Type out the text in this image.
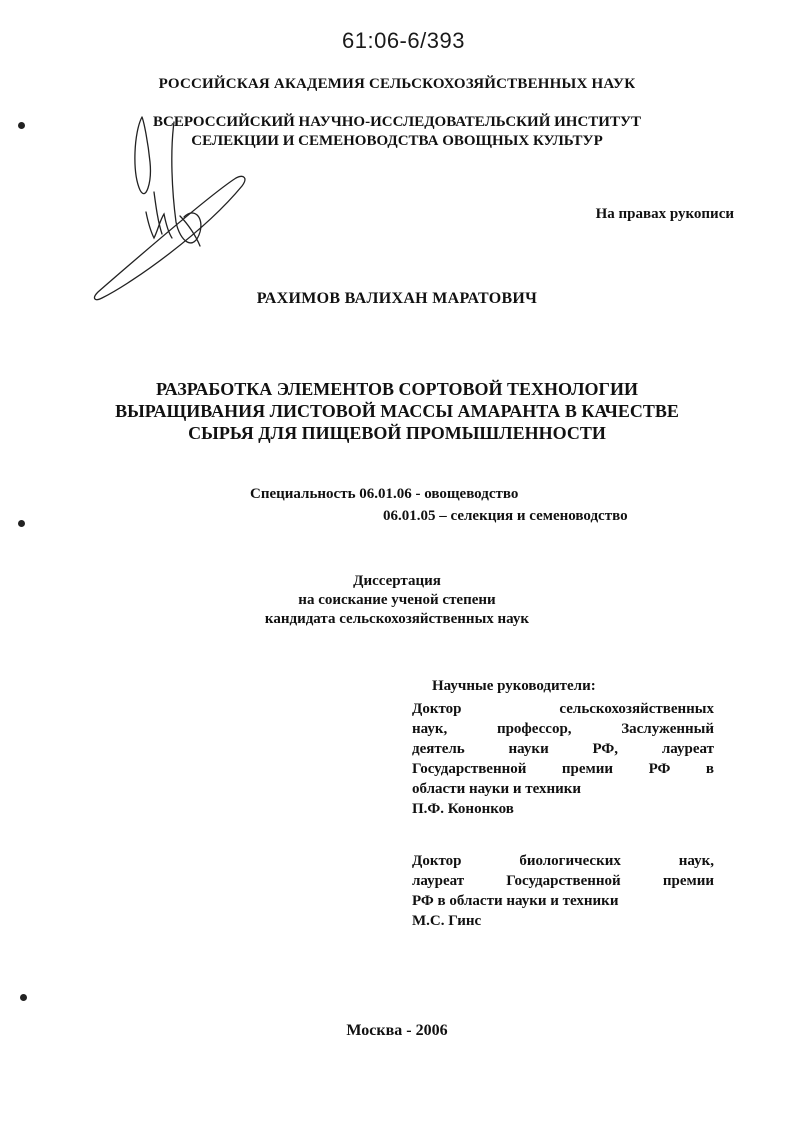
61:06-6/393
РОССИЙСКАЯ АКАДЕМИЯ СЕЛЬСКОХОЗЯЙСТВЕННЫХ НАУК
ВСЕРОССИЙСКИЙ НАУЧНО-ИССЛЕДОВАТЕЛЬСКИЙ ИНСТИТУТ
СЕЛЕКЦИИ И СЕМЕНОВОДСТВА ОВОЩНЫХ КУЛЬТУР
На правах рукописи
РАХИМОВ ВАЛИХАН МАРАТОВИЧ
РАЗРАБОТКА ЭЛЕМЕНТОВ СОРТОВОЙ ТЕХНОЛОГИИ
ВЫРАЩИВАНИЯ ЛИСТОВОЙ МАССЫ АМАРАНТА В КАЧЕСТВЕ
СЫРЬЯ ДЛЯ ПИЩЕВОЙ ПРОМЫШЛЕННОСТИ
Специальность 06.01.06 - овощеводство
06.01.05 – селекция и семеноводство
Диссертация
на соискание ученой степени
кандидата сельскохозяйственных наук
Научные руководители:
Доктор сельскохозяйственных
наук, профессор, Заслуженный
деятель науки РФ, лауреат
Государственной премии РФ в
области науки и техники
П.Ф. Кононков
Доктор биологических наук,
лауреат Государственной премии
РФ в области науки и техники
М.С. Гинс
Москва - 2006
